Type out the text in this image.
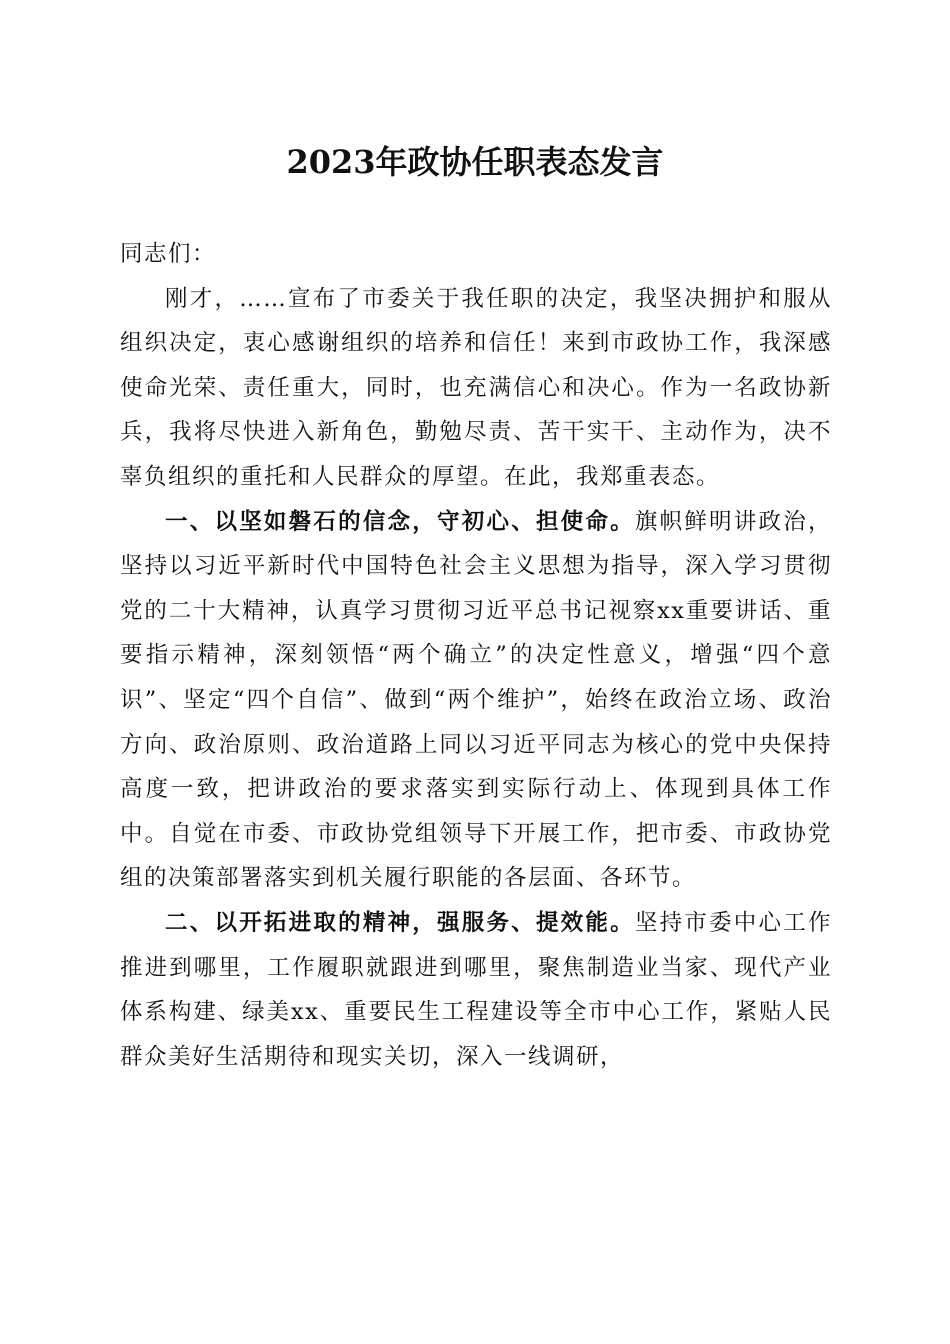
2023年政协任职表态发言

同志们：

刚才，……宣布了市委关于我任职的决定，我坚决拥护和服从组织决定，衷心感谢组织的培养和信任！来到市政协工作，我深感使命光荣、责任重大，同时，也充满信心和决心。作为一名政协新兵，我将尽快进入新角色，勤勉尽责、苦干实干、主动作为，决不辜负组织的重托和人民群众的厚望。在此，我郑重表态。

一、以坚如磐石的信念，守初心、担使命。旗帜鲜明讲政治，坚持以习近平新时代中国特色社会主义思想为指导，深入学习贯彻党的二十大精神，认真学习贯彻习近平总书记视察xx重要讲话、重要指示精神，深刻领悟“两个确立”的决定性意义，增强“四个意识”、坚定“四个自信”、做到“两个维护”，始终在政治立场、政治方向、政治原则、政治道路上同以习近平同志为核心的党中央保持高度一致，把讲政治的要求落实到实际行动上、体现到具体工作中。自觉在市委、市政协党组领导下开展工作，把市委、市政协党组的决策部署落实到机关履行职能的各层面、各环节。

二、以开拓进取的精神，强服务、提效能。坚持市委中心工作推进到哪里，工作履职就跟进到哪里，聚焦制造业当家、现代产业体系构建、绿美xx、重要民生工程建设等全市中心工作，紧贴人民群众美好生活期待和现实关切，深入一线调研，
